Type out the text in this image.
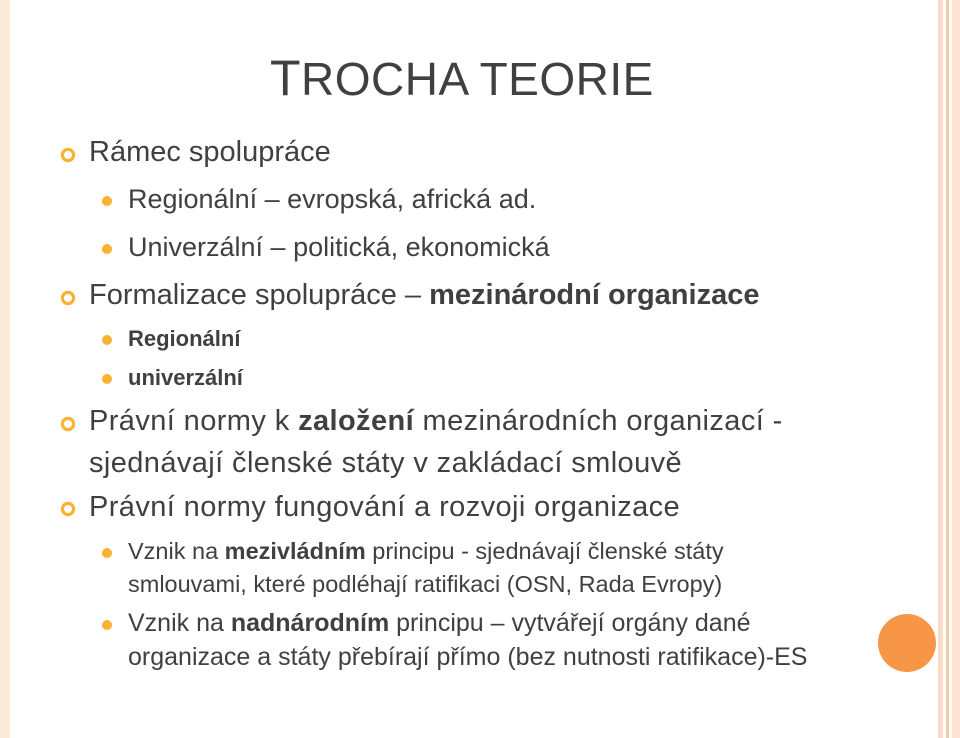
TROCHA TEORIE
Rámec spolupráce
Regionální – evropská, africká ad.
Univerzální – politická, ekonomická
Formalizace spolupráce – mezinárodní organizace
Regionální
univerzální
Právní normy k založení mezinárodních organizací -
sjednávají členské státy v zakládací smlouvě
Právní normy fungování a rozvoji organizace
Vznik na mezivládním principu - sjednávají členské státy
smlouvami, které podléhají ratifikaci (OSN, Rada Evropy)
Vznik na nadnárodním principu – vytvářejí orgány dané
organizace a státy přebírají přímo (bez nutnosti ratifikace)-ES
